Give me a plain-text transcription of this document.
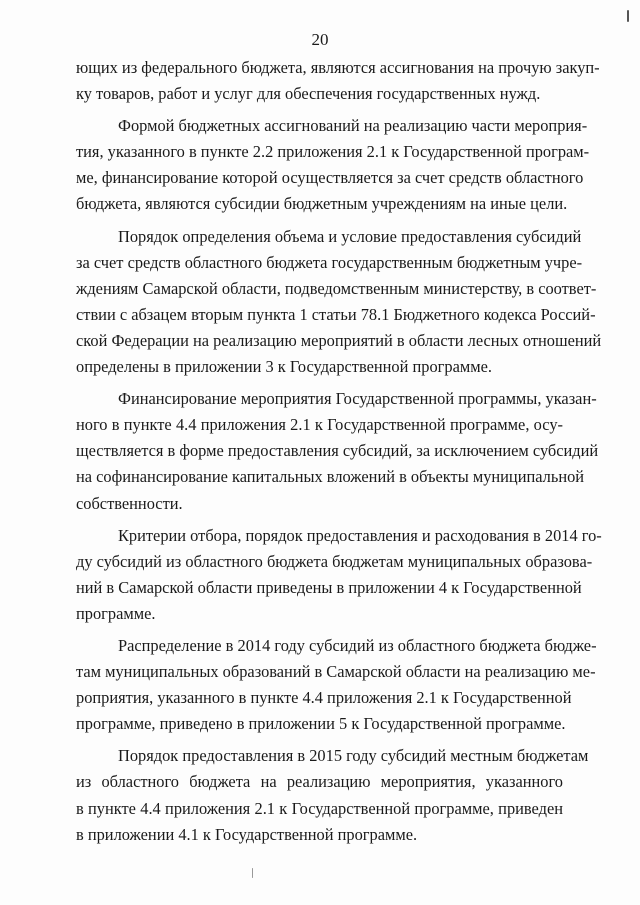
20
ющих из федерального бюджета, являются ассигнования на прочую закуп-
ку товаров, работ и услуг для обеспечения государственных нужд.
Формой бюджетных ассигнований на реализацию части мероприя-
тия, указанного в пункте 2.2 приложения 2.1 к Государственной програм-
ме, финансирование которой осуществляется за счет средств областного
бюджета, являются субсидии бюджетным учреждениям на иные цели.
Порядок определения объема и условие предоставления субсидий
за счет средств областного бюджета государственным бюджетным учре-
ждениям Самарской области, подведомственным министерству, в соответ-
ствии с абзацем вторым пункта 1 статьи 78.1 Бюджетного кодекса Россий-
ской Федерации на реализацию мероприятий в области лесных отношений
определены в приложении 3 к Государственной программе.
Финансирование мероприятия Государственной программы, указан-
ного в пункте 4.4 приложения 2.1 к Государственной программе, осу-
ществляется в форме предоставления субсидий, за исключением субсидий
на софинансирование капитальных вложений в объекты муниципальной
собственности.
Критерии отбора, порядок предоставления и расходования в 2014 го-
ду субсидий из областного бюджета бюджетам муниципальных образова-
ний в Самарской области приведены в приложении 4 к Государственной
программе.
Распределение в 2014 году субсидий из областного бюджета бюдже-
там муниципальных образований в Самарской области на реализацию ме-
роприятия, указанного в пункте 4.4 приложения 2.1 к Государственной
программе, приведено в приложении 5 к Государственной программе.
Порядок предоставления в 2015 году субсидий местным бюджетам
из областного бюджета на реализацию мероприятия, указанного
в пункте 4.4 приложения 2.1 к Государственной программе, приведен
в приложении 4.1 к Государственной программе.
